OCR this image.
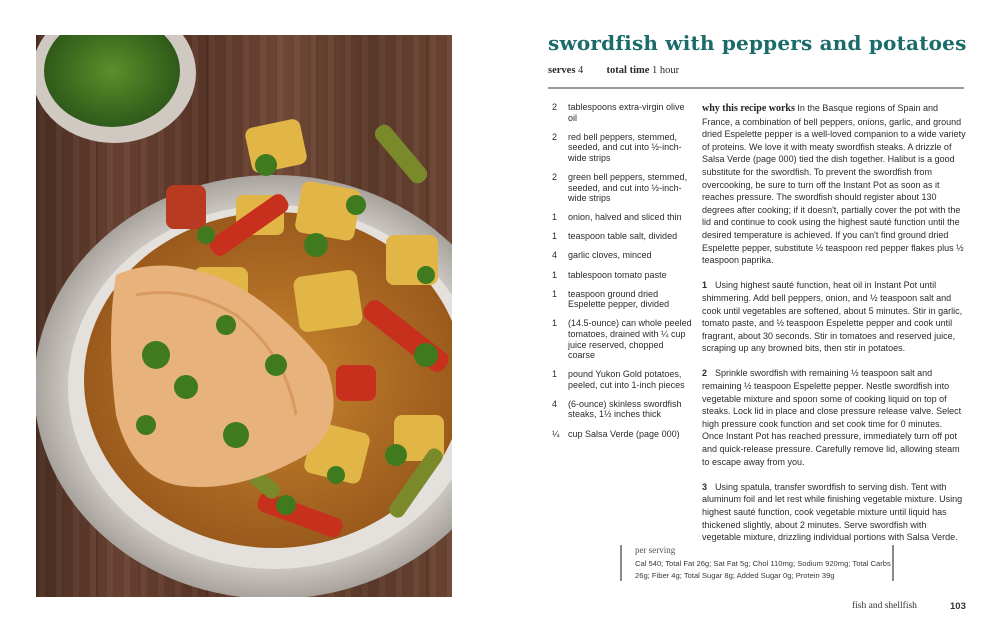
swordfish with peppers and potatoes
serves 4 total time 1 hour
2	tablespoons extra-virgin olive oil
2	red bell peppers, stemmed, seeded, and cut into ½-inch-wide strips
2	green bell peppers, stemmed, seeded, and cut into ½-inch-wide strips
1	onion, halved and sliced thin
1	teaspoon table salt, divided
4	garlic cloves, minced
1	tablespoon tomato paste
1	teaspoon ground dried Espelette pepper, divided
1	(14.5-ounce) can whole peeled tomatoes, drained with ¼ cup juice reserved, chopped coarse
1	pound Yukon Gold potatoes, peeled, cut into 1-inch pieces
4	(6-ounce) skinless swordfish steaks, 1½ inches thick
¼ cup Salsa Verde (page 000)

why this recipe works In the Basque regions of Spain and France, a combination of bell peppers, onions, garlic, and ground dried Espelette pepper is a well-loved companion to a wide variety of proteins. We love it with meaty swordfish steaks. A drizzle of Salsa Verde (page 000) tied the dish together. Halibut is a good substitute for the swordfish. To prevent the swordfish from overcooking, be sure to turn off the Instant Pot as soon as it reaches pressure. The swordfish should register about 130 degrees after cooking; if it doesn't, partially cover the pot with the lid and continue to cook using the highest sauté function until the desired temperature is achieved. If you can't find ground dried Espelette pepper, substitute ½ teaspoon red pepper flakes plus ½ teaspoon paprika.

1 Using highest sauté function, heat oil in Instant Pot until shimmering. Add bell peppers, onion, and ½ teaspoon salt and cook until vegetables are softened, about 5 minutes. Stir in garlic, tomato paste, and ½ teaspoon Espelette pepper and cook until fragrant, about 30 seconds. Stir in tomatoes and reserved juice, scraping up any browned bits, then stir in potatoes.

2 Sprinkle swordfish with remaining ½ teaspoon salt and remaining ½ teaspoon Espelette pepper. Nestle swordfish into vegetable mixture and spoon some of cooking liquid on top of steaks. Lock lid in place and close pressure release valve. Select high pressure cook function and set cook time for 0 minutes. Once Instant Pot has reached pressure, immediately turn off pot and quick-release pressure. Carefully remove lid, allowing steam to escape away from you.

3 Using spatula, transfer swordfish to serving dish. Tent with aluminum foil and let rest while finishing vegetable mixture. Using highest sauté function, cook vegetable mixture until liquid has thickened slightly, about 2 minutes. Serve swordfish with vegetable mixture, drizzling individual portions with Salsa Verde.

per serving
Cal 540; Total Fat 26g; Sat Fat 5g; Chol 110mg; Sodium 920mg; Total Carbs 26g; Fiber 4g; Total Sugar 8g; Added Sugar 0g; Protein 39g
fish and shellfish	103
